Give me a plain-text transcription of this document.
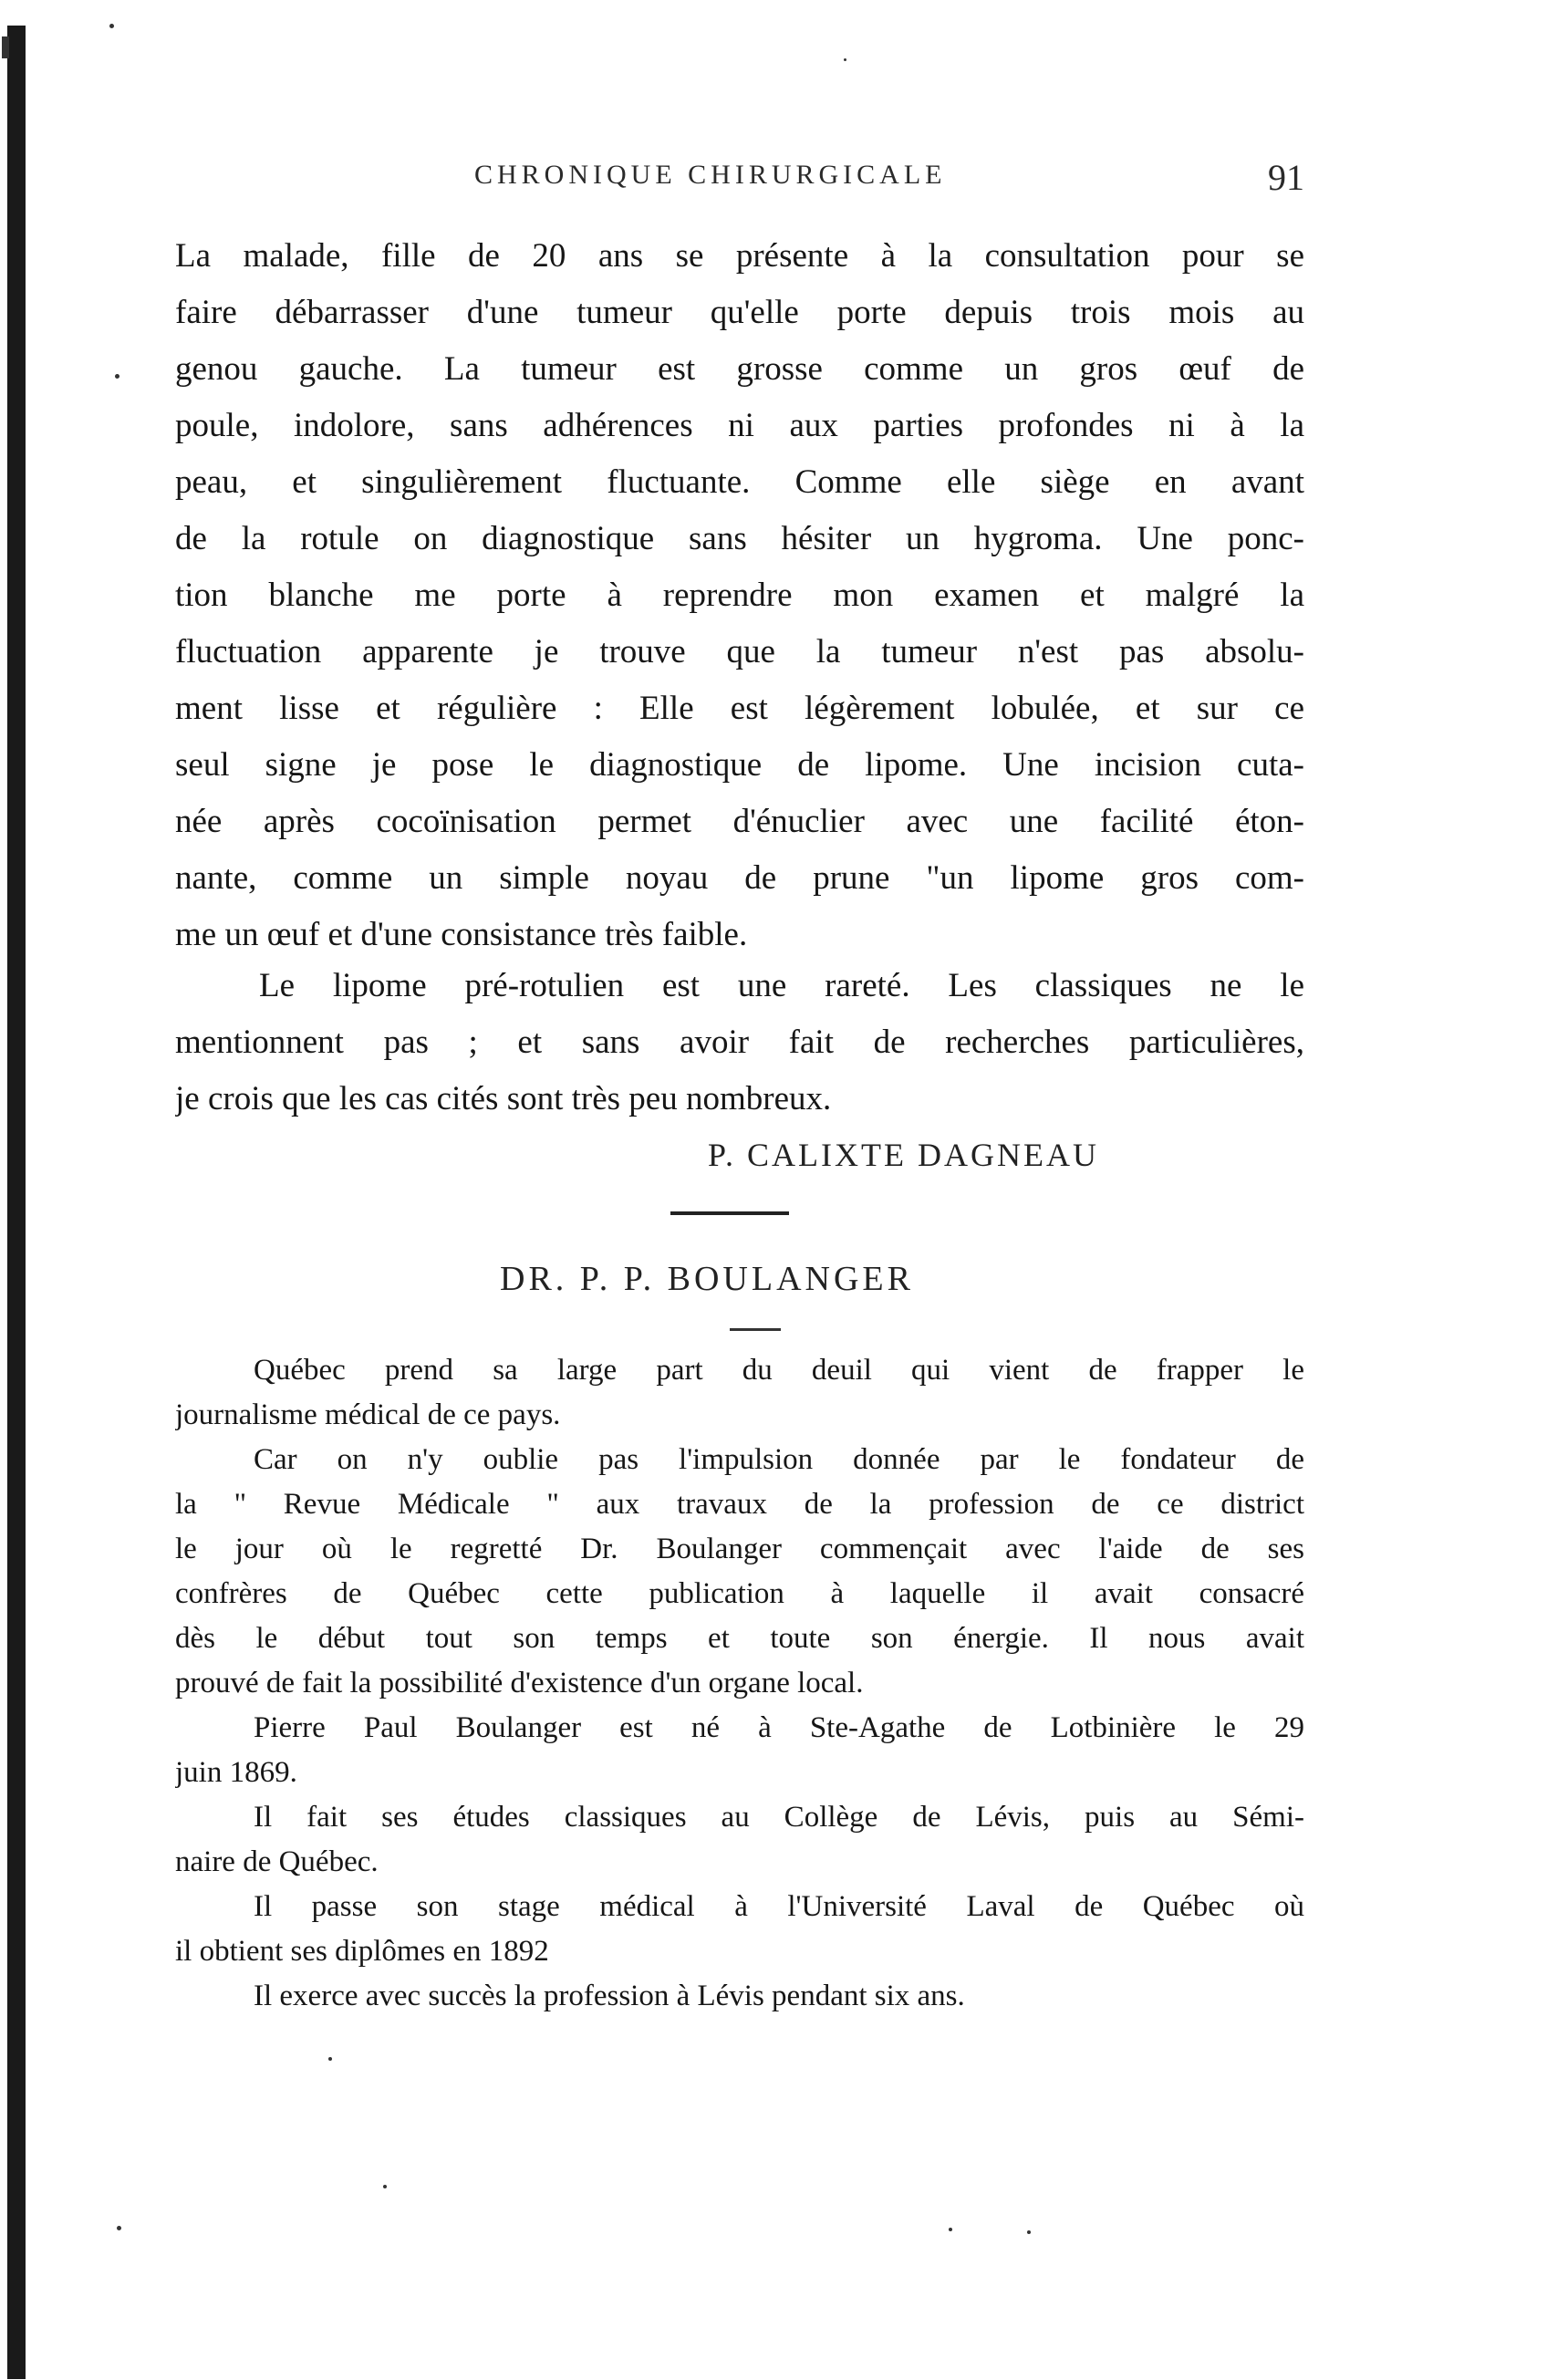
CHRONIQUE CHIRURGICALE	91
La malade, fille de 20 ans se présente à la consultation pour se
faire débarrasser d'une tumeur qu'elle porte depuis trois mois au
genou gauche. La tumeur est grosse comme un gros œuf de
poule, indolore, sans adhérences ni aux parties profondes ni à la
peau, et singulièrement fluctuante. Comme elle siège en avant
de la rotule on diagnostique sans hésiter un hygroma. Une ponc-
tion blanche me porte à reprendre mon examen et malgré la
fluctuation apparente je trouve que la tumeur n'est pas absolu-
ment lisse et régulière : Elle est légèrement lobulée, et sur ce
seul signe je pose le diagnostique de lipome. Une incision cuta-
née après cocoïnisation permet d'énuclier avec une facilité éton-
nante, comme un simple noyau de prune "un lipome gros com-
me un œuf et d'une consistance très faible.
Le lipome pré-rotulien est une rareté. Les classiques ne le
mentionnent pas ; et sans avoir fait de recherches particulières,
je crois que les cas cités sont très peu nombreux.
P. CALIXTE DAGNEAU
DR. P. P. BOULANGER
Québec prend sa large part du deuil qui vient de frapper le
journalisme médical de ce pays.
Car on n'y oublie pas l'impulsion donnée par le fondateur de
la " Revue Médicale " aux travaux de la profession de ce district
le jour où le regretté Dr. Boulanger commençait avec l'aide de ses
confrères de Québec cette publication à laquelle il avait consacré
dès le début tout son temps et toute son énergie. Il nous avait
prouvé de fait la possibilité d'existence d'un organe local.
Pierre Paul Boulanger est né à Ste-Agathe de Lotbinière le 29
juin 1869.
Il fait ses études classiques au Collège de Lévis, puis au Sémi-
naire de Québec.
Il passe son stage médical à l'Université Laval de Québec où
il obtient ses diplômes en 1892
Il exerce avec succès la profession à Lévis pendant six ans.
